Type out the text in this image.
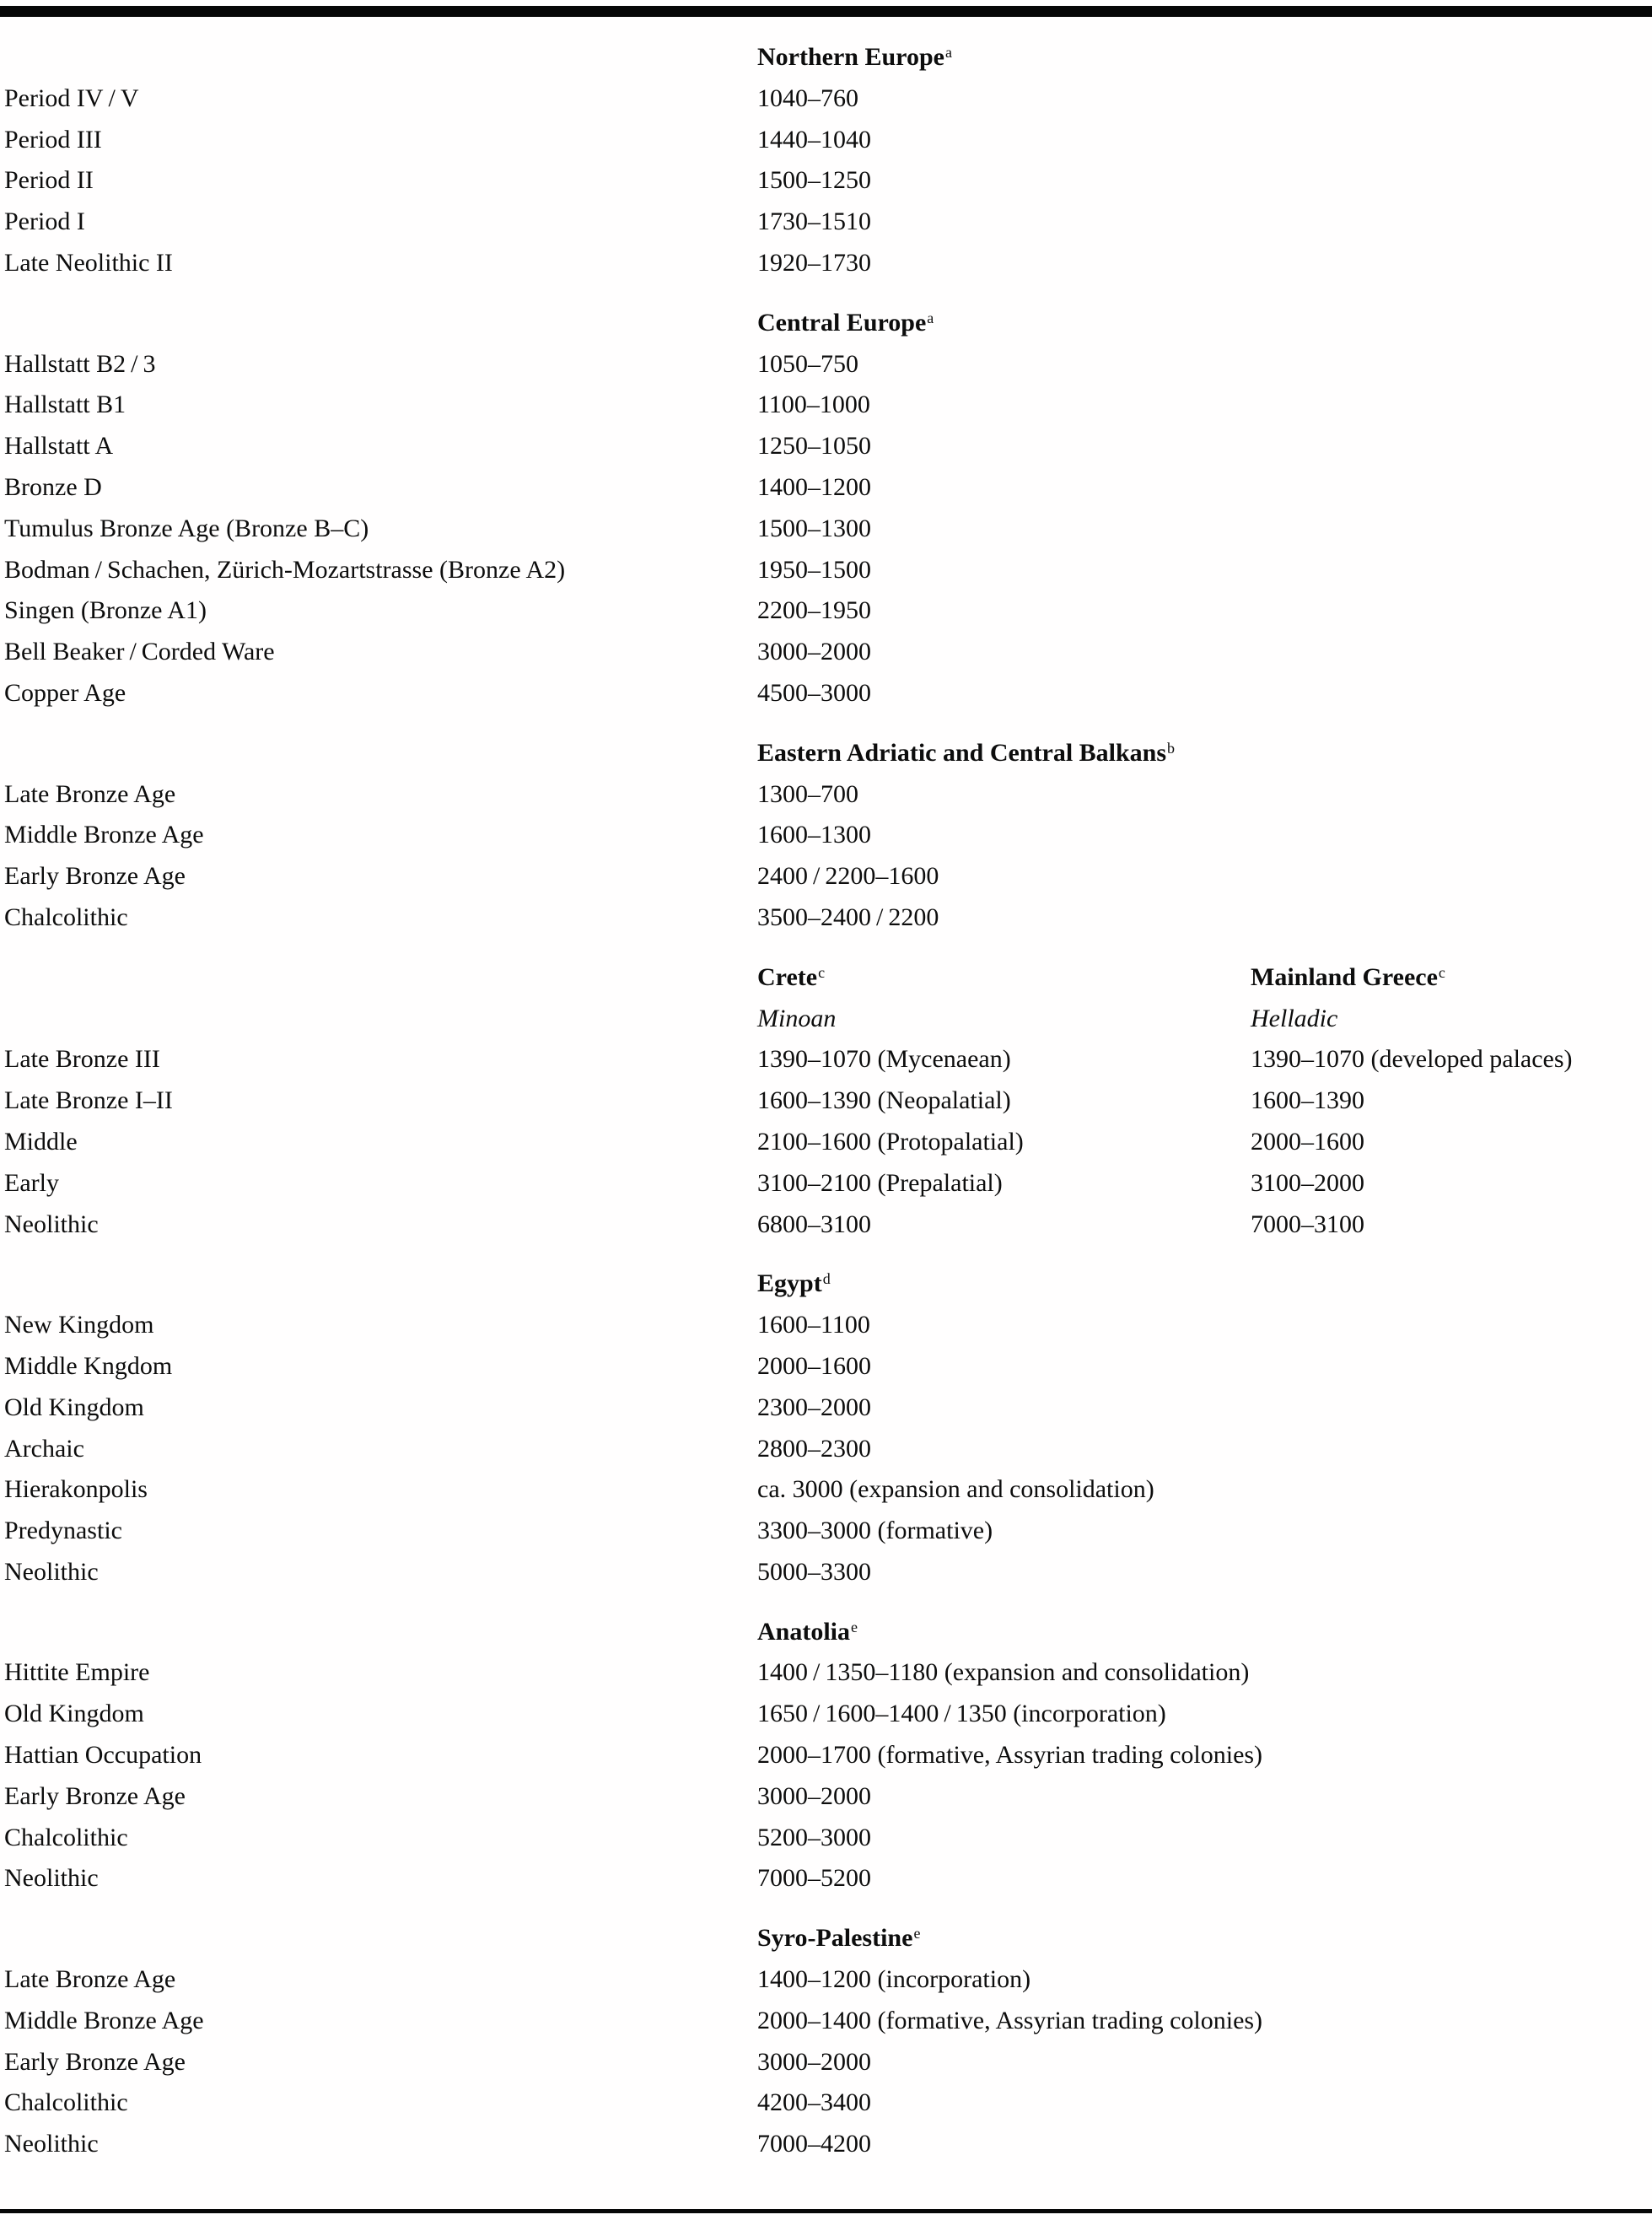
Northern Europe$^a$
Period IV / V	1040–760
Period III	1440–1040
Period II	1500–1250
Period I	1730–1510
Late Neolithic II	1920–1730
Central Europe$^a$
Hallstatt B2 / 3	1050–750
Hallstatt B1	1100–1000
Hallstatt A	1250–1050
Bronze D	1400–1200
Tumulus Bronze Age (Bronze B–C)	1500–1300
Bodman / Schachen, Zürich-Mozartstrasse (Bronze A2)	1950–1500
Singen (Bronze A1)	2200–1950
Bell Beaker / Corded Ware	3000–2000
Copper Age	4500–3000
Eastern Adriatic and Central Balkans$^b$
Late Bronze Age	1300–700
Middle Bronze Age	1600–1300
Early Bronze Age	2400 / 2200–1600
Chalcolithic	3500–2400 / 2200
Crete$^c$	Mainland Greece$^c$
Minoan	Helladic
Late Bronze III	1390–1070 (Mycenaean)	1390–1070 (developed palaces)
Late Bronze I–II	1600–1390 (Neopalatial)	1600–1390
Middle	2100–1600 (Protopalatial)	2000–1600
Early	3100–2100 (Prepalatial)	3100–2000
Neolithic	6800–3100	7000–3100
Egypt$^d$
New Kingdom	1600–1100
Middle Kngdom	2000–1600
Old Kingdom	2300–2000
Archaic	2800–2300
Hierakonpolis	ca. 3000 (expansion and consolidation)
Predynastic	3300–3000 (formative)
Neolithic	5000–3300
Anatolia$^e$
Hittite Empire	1400 / 1350–1180 (expansion and consolidation)
Old Kingdom	1650 / 1600–1400 / 1350 (incorporation)
Hattian Occupation	2000–1700 (formative, Assyrian trading colonies)
Early Bronze Age	3000–2000
Chalcolithic	5200–3000
Neolithic	7000–5200
Syro-Palestine$^e$
Late Bronze Age	1400–1200 (incorporation)
Middle Bronze Age	2000–1400 (formative, Assyrian trading colonies)
Early Bronze Age	3000–2000
Chalcolithic	4200–3400
Neolithic	7000–4200
